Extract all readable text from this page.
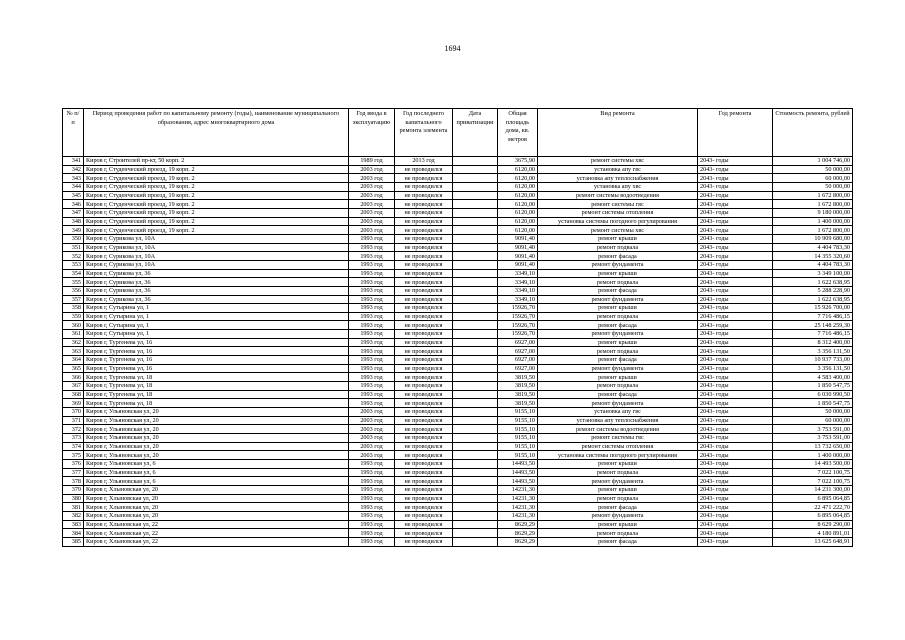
1694
№ п/п	Период проведения работ по капитальному ремонту (годы), наименование муниципального образования, адрес многоквартирного дома	Год ввода в эксплуатацию	Год последнего капитального ремонта элемента	Дата приватизации	Общая площадь дома, кв. метров	Вид ремонта	Год ремонта	Стоимость ремонта, рублей
341	Киров г, Строителей пр-кт, 50 корп. 2	1989 год	2013 год		3675,90	ремонт системы хвс	2043- годы	1 004 746,00
342	Киров г, Студенческий проезд, 19 корп. 2	2003 год	не проводился		6120,00	установка апу гвс	2043- годы	50 000,00
343	Киров г, Студенческий проезд, 19 корп. 2	2003 год	не проводился		6120,00	установка апу теплоснабжения	2043- годы	60 000,00
344	Киров г, Студенческий проезд, 19 корп. 2	2003 год	не проводился		6120,00	установка апу хвс	2043- годы	50 000,00
345	Киров г, Студенческий проезд, 19 корп. 2	2003 год	не проводился		6120,00	ремонт системы водоотведения	2043- годы	1 672 800,00
346	Киров г, Студенческий проезд, 19 корп. 2	2003 год	не проводился		6120,00	ремонт системы гвс	2043- годы	1 672 800,00
347	Киров г, Студенческий проезд, 19 корп. 2	2003 год	не проводился		6120,00	ремонт системы отопления	2043- годы	9 180 000,00
348	Киров г, Студенческий проезд, 19 корп. 2	2003 год	не проводился		6120,00	установка системы погодного регулирования	2043- годы	1 400 000,00
349	Киров г, Студенческий проезд, 19 корп. 2	2003 год	не проводился		6120,00	ремонт системы хвс	2043- годы	1 672 800,00
350	Киров г, Сурикова ул, 10А	1993 год	не проводился		9091,40	ремонт крыши	2043- годы	10 909 680,00
351	Киров г, Сурикова ул, 10А	1993 год	не проводился		9091,40	ремонт подвала	2043- годы	4 404 783,30
352	Киров г, Сурикова ул, 10А	1993 год	не проводился		9091,40	ремонт фасада	2043- годы	14 355 320,60
353	Киров г, Сурикова ул, 10А	1993 год	не проводился		9091,40	ремонт фундамента	2043- годы	4 404 783,30
354	Киров г, Сурикова ул, 36	1993 год	не проводился		3349,10	ремонт крыши	2043- годы	3 349 100,00
355	Киров г, Сурикова ул, 36	1993 год	не проводился		3349,10	ремонт подвала	2043- годы	1 622 638,95
356	Киров г, Сурикова ул, 36	1993 год	не проводился		3349,10	ремонт фасада	2043- годы	5 288 228,90
357	Киров г, Сурикова ул, 36	1993 год	не проводился		3349,10	ремонт фундамента	2043- годы	1 622 638,95
358	Киров г, Сутырина ул, 1	1993 год	не проводился		15926,70	ремонт крыши	2043- годы	15 926 700,00
359	Киров г, Сутырина ул, 1	1993 год	не проводился		15926,70	ремонт подвала	2043- годы	7 716 486,15
360	Киров г, Сутырина ул, 1	1993 год	не проводился		15926,70	ремонт фасада	2043- годы	25 148 259,30
361	Киров г, Сутырина ул, 1	1993 год	не проводился		15926,70	ремонт фундамента	2043- годы	7 716 486,15
362	Киров г, Тургенева ул, 16	1993 год	не проводился		6927,00	ремонт крыши	2043- годы	8 312 400,00
363	Киров г, Тургенева ул, 16	1993 год	не проводился		6927,00	ремонт подвала	2043- годы	3 356 131,50
364	Киров г, Тургенева ул, 16	1993 год	не проводился		6927,00	ремонт фасада	2043- годы	10 937 733,00
365	Киров г, Тургенева ул, 16	1993 год	не проводился		6927,00	ремонт фундамента	2043- годы	3 356 131,50
366	Киров г, Тургенева ул, 18	1993 год	не проводился		3819,50	ремонт крыши	2043- годы	4 583 400,00
367	Киров г, Тургенева ул, 18	1993 год	не проводился		3819,50	ремонт подвала	2043- годы	1 850 547,75
368	Киров г, Тургенева ул, 18	1993 год	не проводился		3819,50	ремонт фасада	2043- годы	6 030 990,50
369	Киров г, Тургенева ул, 18	1993 год	не проводился		3819,50	ремонт фундамента	2043- годы	1 850 547,75
370	Киров г, Ульяновская ул, 20	2003 год	не проводился		9155,10	установка апу гвс	2043- годы	50 000,00
371	Киров г, Ульяновская ул, 20	2003 год	не проводился		9155,10	установка апу теплоснабжения	2043- годы	60 000,00
372	Киров г, Ульяновская ул, 20	2003 год	не проводился		9155,10	ремонт системы водоотведения	2043- годы	3 753 591,00
373	Киров г, Ульяновская ул, 20	2003 год	не проводился		9155,10	ремонт системы гвс	2043- годы	3 753 591,00
374	Киров г, Ульяновская ул, 20	2003 год	не проводился		9155,10	ремонт системы отопления	2043- годы	13 732 650,00
375	Киров г, Ульяновская ул, 20	2003 год	не проводился		9155,10	установка системы погодного регулирования	2043- годы	1 400 000,00
376	Киров г, Ульяновская ул, 6	1993 год	не проводился		14493,50	ремонт крыши	2043- годы	14 493 500,00
377	Киров г, Ульяновская ул, 6	1993 год	не проводился		14493,50	ремонт подвала	2043- годы	7 022 100,75
378	Киров г, Ульяновская ул, 6	1993 год	не проводился		14493,50	ремонт фундамента	2043- годы	7 022 100,75
379	Киров г, Хлыновская ул, 20	1993 год	не проводился		14231,30	ремонт крыши	2043- годы	14 231 300,00
380	Киров г, Хлыновская ул, 20	1993 год	не проводился		14231,30	ремонт подвала	2043- годы	6 895 064,85
381	Киров г, Хлыновская ул, 20	1993 год	не проводился		14231,30	ремонт фасада	2043- годы	22 471 222,70
382	Киров г, Хлыновская ул, 20	1993 год	не проводился		14231,30	ремонт фундамента	2043- годы	6 895 064,85
383	Киров г, Хлыновская ул, 22	1993 год	не проводился		8629,29	ремонт крыши	2043- годы	8 629 290,00
384	Киров г, Хлыновская ул, 22	1993 год	не проводился		8629,29	ремонт подвала	2043- годы	4 180 891,01
385	Киров г, Хлыновская ул, 22	1993 год	не проводился		8629,29	ремонт фасада	2043- годы	13 625 648,91
